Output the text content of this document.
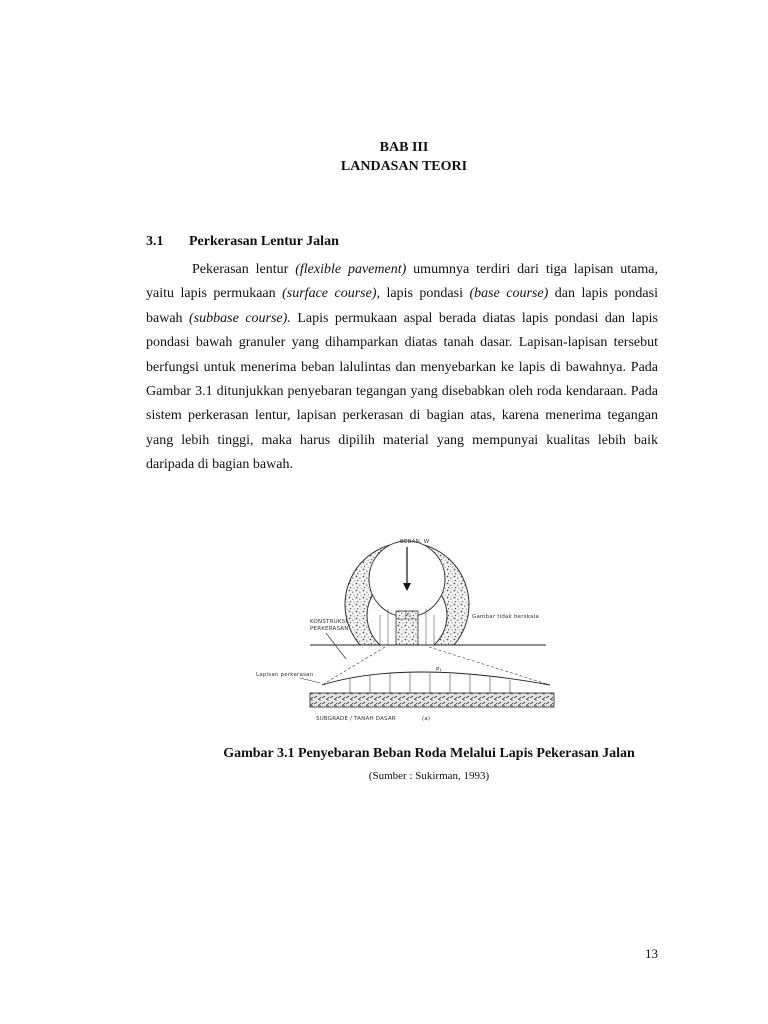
BAB III
LANDASAN TEORI
3.1 Perkerasan Lentur Jalan

Pekerasan lentur (flexible pavement) umumnya terdiri dari tiga lapisan utama, yaitu lapis permukaan (surface course), lapis pondasi (base course) dan lapis pondasi bawah (subbase course). Lapis permukaan aspal berada diatas lapis pondasi dan lapis pondasi bawah granuler yang dihamparkan diatas tanah dasar. Lapisan-lapisan tersebut berfungsi untuk menerima beban lalulintas dan menyebarkan ke lapis di bawahnya. Pada Gambar 3.1 ditunjukkan penyebaran tegangan yang disebabkan oleh roda kendaraan. Pada sistem perkerasan lentur, lapisan perkerasan di bagian atas, karena menerima tegangan yang lebih tinggi, maka harus dipilih material yang mempunyai kualitas lebih baik daripada di bagian bawah.

BEBAN, W
P₀
KONSTRUKSI
PERKERASAN
Gambar tidak berskala
Lapisan perkerasan
P₁
SUBGRADE / TANAH DASAR	(a)
Gambar 3.1 Penyebaran Beban Roda Melalui Lapis Pekerasan Jalan
(Sumber : Sukirman, 1993)
13
